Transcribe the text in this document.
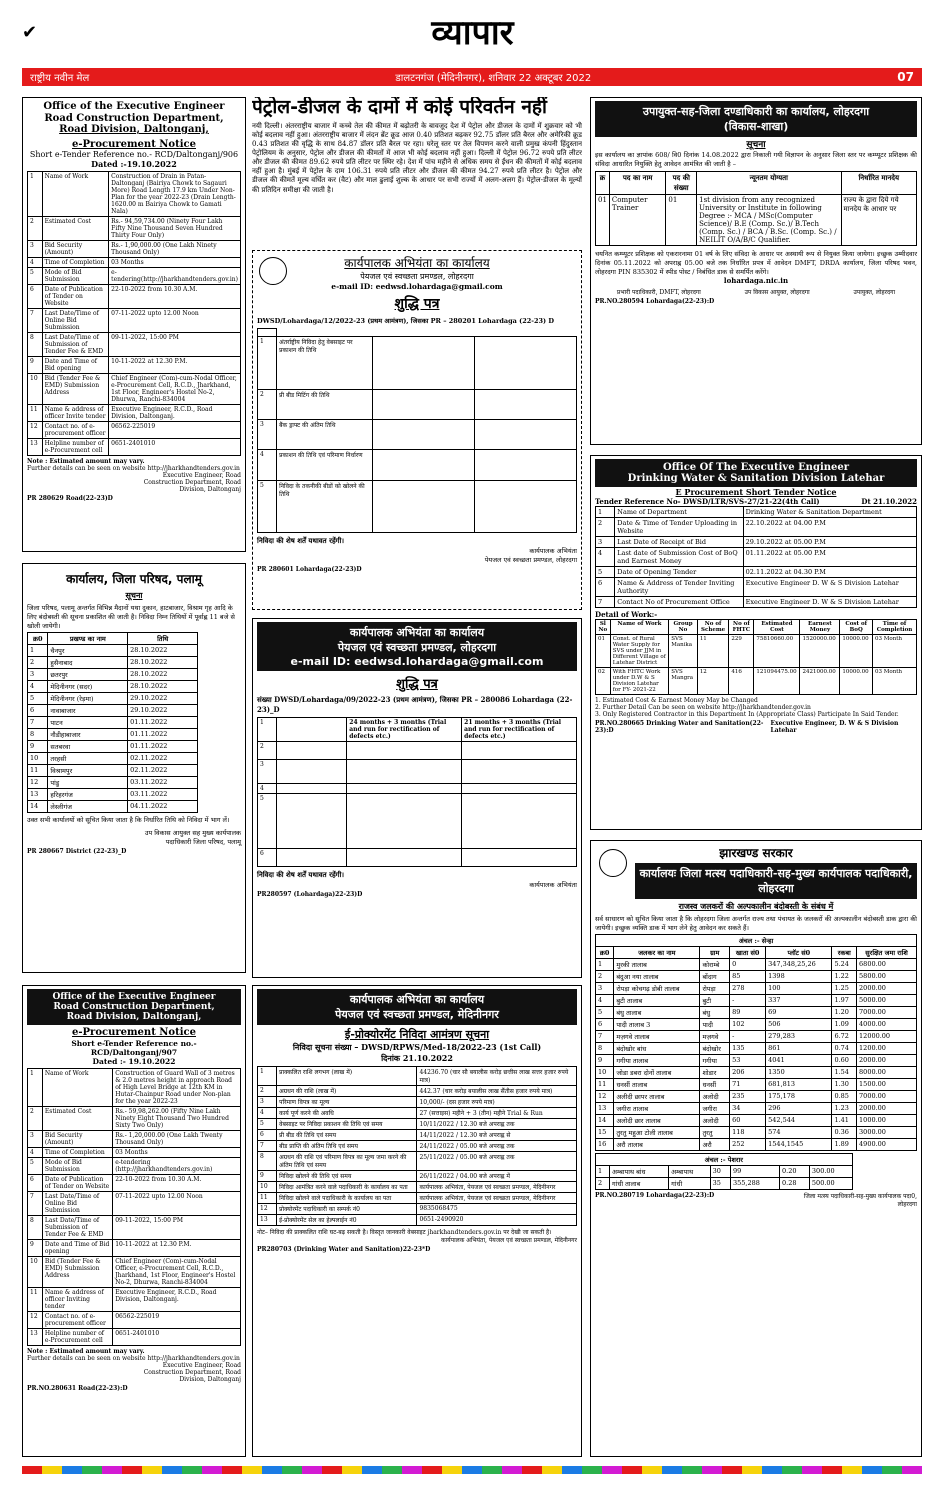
व्यापार
✔
राष्ट्रीय नवीन मेल	डालटनगंज (मेदिनीनगर), शनिवार 22 अक्टूबर 2022	07
Office of the Executive Engineer
Road Construction Department,
Road Division, Daltonganj,
e-Procurement Notice
Short e-Tender Reference no.- RCD/Daltonganj/906
Dated :-19.10.2022
1	Name of Work	Construction of Drain in Patan-Daltonganj (Bairiya Chowk to Sagauri More) Road Length 17.9 km Under Non-Plan for the year 2022-23 (Drain Length-1620.00 m Bairiya Chowk to Gamati Nala)
2	Estimated Cost	Rs.- 94,59,734.00 (Ninety Four Lakh Fifty Nine Thousand Seven Hundred Thirty Four Only)
3	Bid Security (Amount)	Rs.- 1,90,000.00 (One Lakh Ninety Thousand Only)
4	Time of Completion	03 Months
5	Mode of Bid Submission	e-tendering(http://jharkhandtenders.gov.in)
6	Date of Publication of Tender on Website	22-10-2022 from 10.30 A.M.
7	Last Date/Time of Online Bid Submission	07-11-2022 upto 12.00 Noon
8	Last Date/Time of Submission of Tender Fee & EMD	09-11-2022, 15:00 PM
9	Date and Time of Bid opening	10-11-2022 at 12.30 P.M.
10	Bid (Tender Fee & EMD) Submission Address	Chief Engineer (Com)-cum-Nodal Officer, e-Procurement Cell, R.C.D., Jharkhand, 1st Floor, Engineer's Hostel No-2, Dhurwa, Ranchi-834004
11	Name & address of officer Invite tender	Executive Engineer, R.C.D., Road Division, Daltonganj.
12	Contact no. of e-procurement officer	06562-225019
13	Helpline number of e-Procurement cell	0651-2401010
Note : Estimated amount may vary.
Further details can be seen on website http://jharkhandtenders.gov.in
Executive Engineer, Road Construction Department, Road Division, Daltonganj
PR 280629 Road(22-23)D
कार्यालय, जिला परिषद, पलामू
सूचना
जिला परिषद, पलामू अन्तर्गत विभिन्न मैदानों यथा दुकान, हाटबाजार, विश्राम गृह आदि के लिए बंदोबस्ती की सूचना प्रकाशित की जाती है। निविदा निम्न तिथियों में पूर्वाह्न 11 बजे से खोली जायेगी।
क्र0	प्रखण्ड का नाम	तिथि
1	चैनपुर	28.10.2022
2	हुसैनाबाद	28.10.2022
3	छतरपुर	28.10.2022
4	मेदिनीनगर (सदर)	28.10.2022
5	मेदिनीनगर (रेड़मा)	29.10.2022
6	नावाबाजार	29.10.2022
7	पाटन	01.11.2022
8	नौडीहाबाजार	01.11.2022
9	सतबरवा	01.11.2022
10	तरहसी	02.11.2022
11	विश्रामपुर	02.11.2022
12	पांडु	03.11.2022
13	हरिहरगंज	03.11.2022
14	लेस्लीगंज	04.11.2022
उक्त सभी कार्यालयों को सूचित किया जाता है कि निर्धारित तिथि को निविदा में भाग लें।
उप विकास आयुक्त सह मुख्य कार्यपालक पदाधिकारी जिला परिषद, पलामू
PR 280667 District (22-23)_D
Office of the Executive Engineer
Road Construction Department,
Road Division, Daltonganj,
e-Procurement Notice
Short e-Tender Reference no.- RCD/Daltonganj/907
Dated :- 19.10.2022
1	Name of Work	Construction of Guard Wall of 3 metres & 2.0 metres height in approach Road of High Level Bridge at 12th KM in Hutar-Chainpur Road under Non-plan for the year 2022-23
2	Estimated Cost	Rs.- 59,98,262.00 (Fifty Nine Lakh Ninety Eight Thousand Two Hundred Sixty Two Only)
3	Bid Security (Amount)	Rs.- 1,20,000.00 (One Lakh Twenty Thousand Only)
4	Time of Completion	03 Months
5	Mode of Bid Submission	e-tendering (http://jharkhandtenders.gov.in)
6	Date of Publication of Tender on Website	22-10-2022 from 10.30 A.M.
7	Last Date/Time of Online Bid Submission	07-11-2022 upto 12.00 Noon
8	Last Date/Time of Submission of Tender Fee & EMD	09-11-2022, 15:00 PM
9	Date and Time of Bid opening	10-11-2022 at 12.30 P.M.
10	Bid (Tender Fee & EMD) Submission Address	Chief Engineer (Com)-cum-Nodal Officer, e-Procurement Cell, R.C.D., Jharkhand, 1st Floor, Engineer's Hostel No-2, Dhurwa, Ranchi-834004
11	Name & address of officer Inviting tender	Executive Engineer, R.C.D., Road Division, Daltonganj.
12	Contact no. of e-procurement officer	06562-225019
13	Helpline number of e-Procurement cell	0651-2401010
Note : Estimated amount may vary.
Further details can be seen on website http://jharkhandtenders.gov.in
Executive Engineer, Road Construction Department, Road Division, Daltonganj
PR.NO.280631 Road(22-23):D
पेट्रोल-डीजल के दामों में कोई परिवर्तन नहीं
नयी दिल्ली। अंतरराष्ट्रीय बाजार में कच्चे तेल की कीमत में बढ़ोतरी के बावजूद देश में पेट्रोल और डीजल के दामों में शुक्रवार को भी कोई बदलाव नहीं हुआ। अंतरराष्ट्रीय बाजार में लंदन ब्रेंट क्रूड आज 0.40 प्रतिशत बढ़कर 92.75 डॉलर प्रति बैरल और अमेरिकी क्रूड 0.43 प्रतिशत की वृद्धि के साथ 84.87 डॉलर प्रति बैरल पर रहा। घरेलू स्तर पर तेल विपणन करने वाली प्रमुख कंपनी हिंदुस्तान पेट्रोलियम के अनुसार, पेट्रोल और डीजल की कीमतों में आज भी कोई बदलाव नहीं हुआ। दिल्ली में पेट्रोल 96.72 रुपये प्रति लीटर और डीजल की कीमत 89.62 रुपये प्रति लीटर पर स्थिर रहे। देश में पांच महीने से अधिक समय से ईंधन की कीमतों में कोई बदलाव नहीं हुआ है। मुंबई में पेट्रोल के दाम 106.31 रुपये प्रति लीटर और डीजल की कीमत 94.27 रुपये प्रति लीटर है। पेट्रोल और डीजल की कीमतें मूल्य वर्धित कर (वैट) और माल ढुलाई शुल्क के आधार पर सभी राज्यों में अलग-अलग हैं। पेट्रोल-डीजल के मूल्यों की प्रतिदिन समीक्षा की जाती है।
कार्यपालक अभियंता का कार्यालय
पेयजल एवं स्वच्छता प्रमण्डल, लोहरदगा
e-mail ID: eedwsd.lohardaga@gmail.com
शुद्धि पत्र
DWSD/Lohardaga/12/2022-23 (प्रथम आमंत्रण), जिसका PR – 280201 Lohardaga (22-23) D

1	अंतर्राष्ट्रीय निविदा हेतु वेबसाइट पर प्रकाशन की तिथि		
2	प्री बीड मिटिंग की तिथि		
3	बैंक ड्राफ्ट की अंतिम तिथि		
4	प्रकाशन की तिथि एवं परिमाण निर्धारण		
5	निविदा के तकनीकी बीडों को खोलने की तिथि		
निविदा की शेष शर्तें यथावत रहेंगी।
कार्यपालक अभियंता
पेयजल एवं स्वच्छता प्रमण्डल, लोहरदगा
PR 280601 Lohardaga(22-23)D
कार्यपालक अभियंता का कार्यालय
पेयजल एवं स्वच्छता प्रमण्डल, लोहरदगा
e-mail ID: eedwsd.lohardaga@gmail.com
शुद्धि पत्र
संख्या DWSD/Lohardaga/09/2022-23 (प्रथम आमंत्रण), जिसका PR – 280086 Lohardaga (22-23)_D
1		24 months + 3 months (Trial and run for rectification of defects etc.)	21 months + 3 months (Trial and run for rectification of defects etc.)
2			
3			
4			
5			
6			
निविदा की शेष शर्तें यथावत रहेंगी।
कार्यपालक अभियंता
PR280597 (Lohardaga)22-23)D
कार्यपालक अभियंता का कार्यालय
पेयजल एवं स्वच्छता प्रमण्डल, मेदिनीनगर
ई-प्रोक्योरमेंट निविदा आमंत्रण सूचना
निविदा सूचना संख्या – DWSD/RPWS/Med-18/2022-23 (1st Call)
दिनांक 21.10.2022
1	प्राक्कलित राशि लगभग (लाख में)	44236.70 (चार सौ बयालीस करोड़ छत्तीस लाख सत्तर हजार रुपये मात्र)
2	अग्रधन की राशि (लाख में)	442.37 (चार करोड़ बयालीस लाख सैंतीस हजार रुपये मात्र)
3	परिमाण विपत्र का मूल्य	10,000/- (दस हजार रुपये मात्र)
4	कार्य पूर्ण करने की अवधि	27 (सत्ताइस) महीने + 3 (तीन) महीने Trial & Run
5	वेबसाइट पर निविदा प्रकाशन की तिथि एवं समय	10/11/2022 / 12.30 बजे अपराह्न तक
6	प्री बीड की तिथि एवं समय	14/11/2022 / 12.30 बजे अपराह्न से
7	बीड प्राप्ति की अंतिम तिथि एवं समय	24/11/2022 / 05.00 बजे अपराह्न तक
8	अग्रधन की राशि एवं परिमाण विपत्र का मूल्य जमा करने की अंतिम तिथि एवं समय	25/11/2022 / 05.00 बजे अपराह्न तक
9	निविदा खोलने की तिथि एवं समय	26/11/2022 / 04.00 बजे अपराह्न में
10	निविदा आमंत्रित करने वाले पदाधिकारी के कार्यालय का पता	कार्यपालक अभियंता, पेयजल एवं स्वच्छता प्रमण्डल, मेदिनीनगर
11	निविदा खोलने वाले पदाधिकारी के कार्यालय का पता	कार्यपालक अभियंता, पेयजल एवं स्वच्छता प्रमण्डल, मेदिनीनगर
12	प्रोक्योरमेंट पदाधिकारी का सम्पर्क नं0	9835068475
13	ई-प्रोक्योरमेंट सेल का हेल्पलाईन नं0	0651-2490920
नोट– निविदा की प्राक्कलित राशि घट-बढ़ सकती है। विस्तृत जानकारी वेबसाइट jharkhandtenders.gov.in पर देखी जा सकती है।
कार्यपालक अभियंता, पेयजल एवं स्वच्छता प्रमण्डल, मेदिनीनगर
PR280703 (Drinking Water and Sanitation)22-23*D
उपायुक्त-सह-जिला दण्डाधिकारी का कार्यालय, लोहरदगा
(विकास-शाखा)
सूचना
इस कार्यालय का ज्ञापांक 608/ वि0 दिनांक 14.08.2022 द्वारा निकाली गयी विज्ञापन के अनुसार जिला स्तर पर कम्प्यूटर प्रशिक्षक की संविदा आधारित नियुक्ति हेतु आवेदन आमंत्रित की जाती है –
क्र	पद का नाम	पद की संख्या	न्यूनतम योग्यता	निर्धारित मानदेय
01	Computer Trainer	01	1st division from any recognized University or Institute in following Degree :- MCA / MSc(Computer Science)/ B.E (Comp. Sc.)/ B.Tech (Comp. Sc.) / BCA / B.Sc. (Comp. Sc.) / NEILIT O/A/B/C Qualifier.	राज्य के द्वारा दिये गये मानदेय के आधार पर
चयनित कम्प्यूटर प्रशिक्षक को एकरारनामा 01 वर्ष के लिए संविदा के आधार पर अस्थायी रूप से नियुक्त किया जायेगा। इच्छुक उम्मीदवार दिनांक 05.11.2022 को अपराह्न 05.00 बजे तक निर्धारित प्रपत्र में आवेदन DMFT, DRDA कार्यालय, जिला परिषद भवन, लोहरदगा PIN 835302 में स्पीड पोस्ट / निबंधित डाक से समर्पित करेंगे।
lohardaga.nic.in
प्रभारी पदाधिकारी, DMFT, लोहरदगा	उप विकास आयुक्त, लोहरदगा	उपायुक्त, लोहरदगा
PR.NO.280594 Lohardaga(22-23):D
Office Of The Executive Engineer
Drinking Water & Sanitation Division Latehar
E Procurement Short Tender Notice
Tender Reference No- DWSD/LTR/SVS-27/21-22(4th Call)	Dt 21.10.2022
1	Name of Department	Drinking Water & Sanitation Department
2	Date & Time of Tender Uploading in Website	22.10.2022 at 04.00 P.M
3	Last Date of Receipt of Bid	29.10.2022 at 05.00 P.M
4	Last date of Submission Cost of BoQ and Earnest Money	01.11.2022 at 05.00 P.M
5	Date of Opening Tender	02.11.2022 at 04.30 P.M
6	Name & Address of Tender Inviting Authority	Executive Engineer D. W & S Division Latehar
7	Contact No of Procurement Office	Executive Engineer D. W & S Division Latehar
Detail of Work:-
Sl No	Name of Work	Group No	No of Scheme	No of FHTC	Estimated Cost	Earnest Money	Cost of BoQ	Time of Completion
01	Const. of Rural Water Supply for SVS under JJM in Different Village of Latehar District	SVS Manika	11	229	75810660.00	1520000.00	10000.00	03 Month
02	With FHTC Work under D.W & S Division Latehar for FY- 2021-22	SVS Mangra	12	416	121094475.00	2421000.00	10000.00	03 Month
1. Estimated Cost & Earnest Money May be Changed
2. Further Detail Can be seen on website http://jharkhandtender.gov.in
3. Only Registered Contractor in this Department In (Appropriate Class) Participate In Said Tender.
PR.NO.280665 Drinking Water and Sanitation(22-23):D
Executive Engineer, D. W & S Division Latehar
झारखण्ड सरकार
कार्यालयः जिला मत्स्य पदाधिकारी-सह-मुख्य कार्यपालक पदाधिकारी, लोहरदगा
राजस्व जलकरों की अल्पकालीन बंदोबस्ती के संबंध में
सर्व साधारण को सूचित किया जाता है कि लोहरदगा जिला अन्तर्गत राज्य तथा पंचायत के जलकरों की अल्पकालीन बंदोबस्ती डाक द्वारा की जायेगी। इच्छुक व्यक्ति डाक में भाग लेने हेतु आवेदन कर सकते हैं।
अंचल :- सेन्हा						
क्र0	जलकर का नाम	ग्राम	खाता सं0	प्लॉट सं0	रकबा	सुरक्षित जमा राशि
1	मुरकी तालाब	कोराम्बे	0	347,348,25,26	5.24	6800.00
2	बंदुआ नया तालाब	बोंदाग	85	1398	1.22	5800.00
3	रोपड़ा कोचगढ़ डोबी तालाब	रोपड़ा	278	100	1.25	2000.00
4	बुटी तालाब	बुटी	-	337	1.97	5000.00
5	बंधु तालाब	बंधु	89	69	1.20	7000.00
6	पादी तालाब 3	पादी	102	506	1.09	4000.00
7	मज़गवे तालाब	मज़गवे	-	279,283	6.72	12000.00
8	बंदोखोर बांध	बंदोखोर	135	861	0.74	1200.00
9	गगीया तालाब	गगीया	53	4041	0.60	2000.00
10	जोडा डबरा दोनों तालाब	शोडार	206	1350	1.54	8000.00
11	धनसीं तालाब	धनसीं	71	681,813	1.30	1500.00
12	अलीदी छापर तालाब	अलोदी	235	175,178	0.85	7000.00
13	जगीरा तालाब	जगीरा	34	296	1.23	2000.00
14	अलोदी छार तालाब	अलोदी	60	542,544	1.41	1000.00
15	तुरतु महुआ टोली तालाब	तुरतु	118	574	0.36	3000.00
16	अरौ तालाब	अरौ	252	1544,1545	1.89	4900.00
अंचल :- पेशरार						
1	अम्बापाथ बांध	अम्बापाथ	30	99	0.20	300.00
2	गांधी तालाब	गांधी	35	355,288	0.28	500.00
PR.NO.280719 Lohardaga(22-23):D	जिला मत्स्य पदाधिकारी-सह-मुख्य कार्यपालक पदा0, लोहरदगा
